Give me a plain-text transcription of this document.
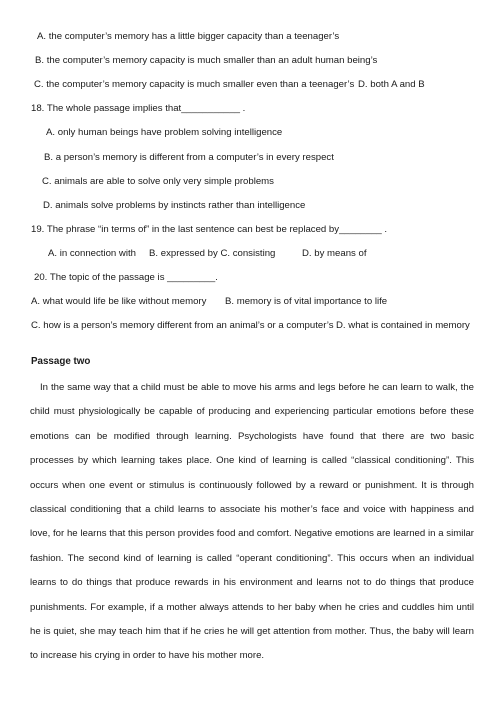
A. the computer’s memory has a little bigger capacity than a teenager’s
B. the computer’s memory capacity is much smaller than an adult human being’s
C. the computer’s memory capacity is much smaller even than a teenager’s D. both A and B
18. The whole passage implies that___________ .
A. only human beings have problem solving intelligence
B. a person’s memory is different from a computer’s in every respect
C. animals are able to solve only very simple problems
D. animals solve problems by instincts rather than intelligence
19. The phrase “in terms of” in the last sentence can best be replaced by________ .
A. in connection with B. expressed by C. consisting	D. by means of
20. The topic of the passage is _________.
A. what would life be like without memory B. memory is of vital importance to life
C. how is a person’s memory different from an animal’s or a computer’s D. what is contained in memory
Passage two
In the same way that a child must be able to move his arms and legs before he can learn to walk, the child must physiologically be capable of producing and experiencing particular emotions before these emotions can be modified through learning. Psychologists have found that there are two basic processes by which learning takes place. One kind of learning is called “classical conditioning”. This occurs when one event or stimulus is continuously followed by a reward or punishment. It is through classical conditioning that a child learns to associate his mother’s face and voice with happiness and love, for he learns that this person provides food and comfort. Negative emotions are learned in a similar fashion. The second kind of learning is called “operant conditioning”. This occurs when an individual learns to do things that produce rewards in his environment and learns not to do things that produce punishments. For example, if a mother always attends to her baby when he cries and cuddles him until he is quiet, she may teach him that if he cries he will get attention from mother. Thus, the baby will learn to increase his crying in order to have his mother more.
